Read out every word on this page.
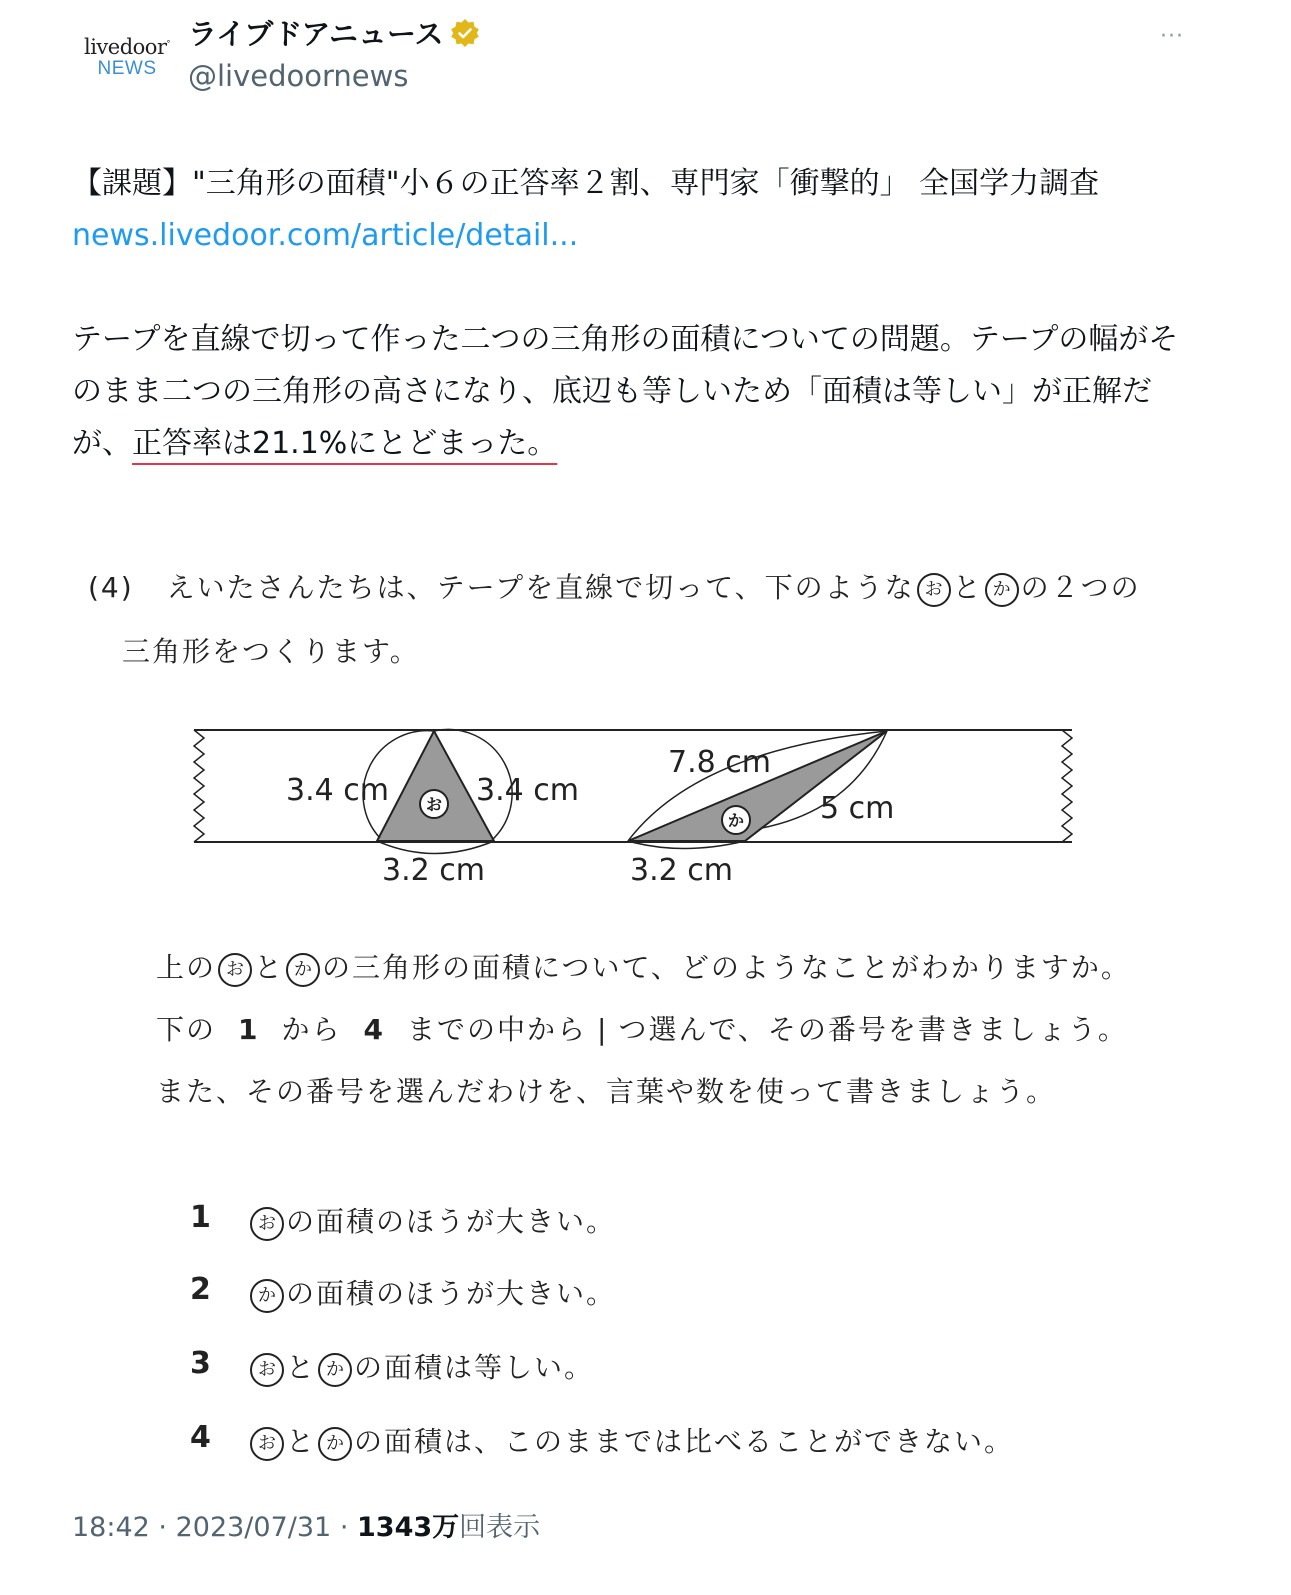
livedoor°
NEWS
ライブドアニュース
@livedoornews
···

【課題】"三角形の面積"小６の正答率２割、専門家「衝撃的」 全国学力調査

news.livedoor.com/article/detail...

テープを直線で切って作った二つの三角形の面積についての問題。テープの幅がそのまま二つの三角形の高さになり、底辺も等しいため「面積は等しい」が正解だが、正答率は21.1%にとどまった。

(4) えいたさんたちは、テープを直線で切って、下のような お と か の２つの
三角形をつくります。
お
3.4 cm	3.4 cm
3.2 cm
か
7.8 cm
5 cm
3.2 cm
上の お と か の三角形の面積について、どのようなことがわかりますか。
下の 1 から 4 までの中から | つ選んで、その番号を書きましょう。
また、その番号を選んだわけを、言葉や数を使って書きましょう。
1	お の面積のほうが大きい。
2	か の面積のほうが大きい。
3	お と か の面積は等しい。
4	お と か の面積は、このままでは比べることができない。
18:42 · 2023/07/31 · 1343万回表示
